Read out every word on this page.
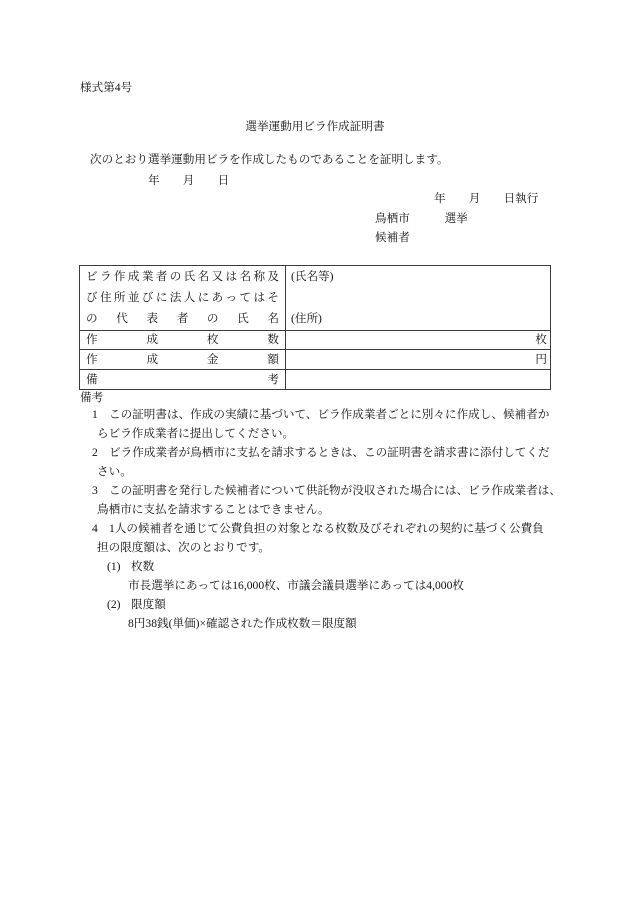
様式第4号
選挙運動用ビラ作成証明書
次のとおり選挙運動用ビラを作成したものであることを証明します。
年　　月　　日
年　　月　　日執行
鳥栖市　　　選挙
候補者
ビラ作成業者の氏名又は名称及
び住所並びに法人にあってはそ
の代表者の氏名
(氏名等)
(住所)
作成枚数	枚
作成金額	円
備考
備考
1 この証明書は、作成の実績に基づいて、ビラ作成業者ごとに別々に作成し、候補者か
らビラ作成業者に提出してください。
2 ビラ作成業者が鳥栖市に支払を請求するときは、この証明書を請求書に添付してくだ
さい。
3 この証明書を発行した候補者について供託物が没収された場合には、ビラ作成業者は、
鳥栖市に支払を請求することはできません。
4 1人の候補者を通じて公費負担の対象となる枚数及びそれぞれの契約に基づく公費負
担の限度額は、次のとおりです。
(1) 枚数
市長選挙にあっては16,000枚、市議会議員選挙にあっては4,000枚
(2) 限度額
8円38銭(単価)×確認された作成枚数＝限度額
